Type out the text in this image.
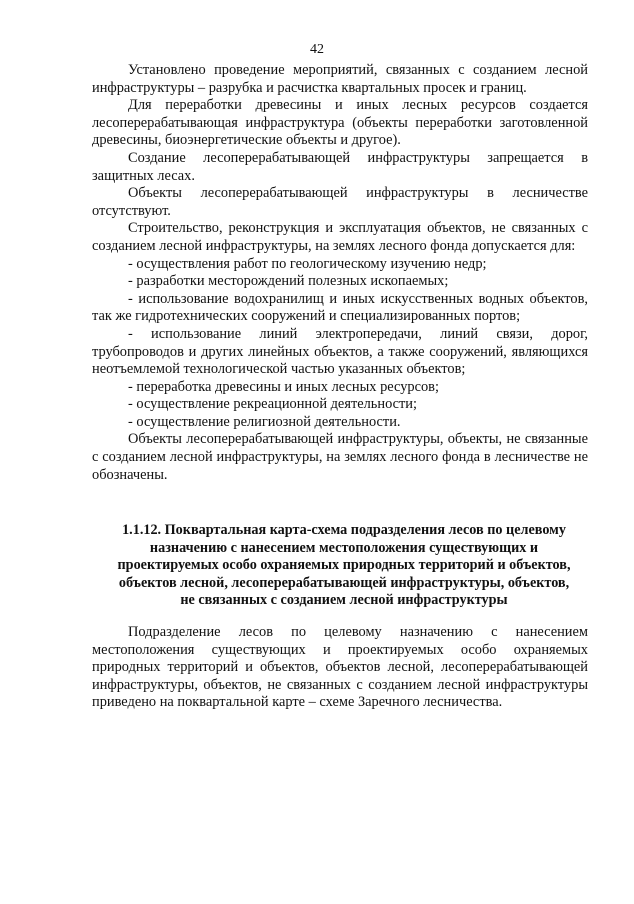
42

Установлено проведение мероприятий, связанных с созданием лесной инфраструктуры – разрубка и расчистка квартальных просек и границ.

Для переработки древесины и иных лесных ресурсов создается лесоперерабатывающая инфраструктура (объекты переработки заготовленной древесины, биоэнергетические объекты и другое).

Создание лесоперерабатывающей инфраструктуры запрещается в защитных лесах.

Объекты лесоперерабатывающей инфраструктуры в лесничестве отсутствуют.

Строительство, реконструкция и эксплуатация объектов, не связанных с созданием лесной инфраструктуры, на землях лесного фонда допускается для:

- осуществления работ по геологическому изучению недр;

- разработки месторождений полезных ископаемых;

- использование водохранилищ и иных искусственных водных объектов, так же гидротехнических сооружений и специализированных портов;

- использование линий электропередачи, линий связи, дорог, трубопроводов и других линейных объектов, а также сооружений, являющихся неотъемлемой технологической частью указанных объектов;

- переработка древесины и иных лесных ресурсов;

- осуществление рекреационной деятельности;

- осуществление религиозной деятельности.

Объекты лесоперерабатывающей инфраструктуры, объекты, не связанные с созданием лесной инфраструктуры, на землях лесного фонда в лесничестве не обозначены.

1.1.12. Поквартальная карта-схема подразделения лесов по целевому

назначению с нанесением местоположения существующих и

проектируемых особо охраняемых природных территорий и объектов,

объектов лесной, лесоперерабатывающей инфраструктуры, объектов,

не связанных с созданием лесной инфраструктуры

Подразделение лесов по целевому назначению с нанесением местоположения существующих и проектируемых особо охраняемых природных территорий и объектов, объектов лесной, лесоперерабатывающей инфраструктуры, объектов, не связанных с созданием лесной инфраструктуры приведено на поквартальной карте – схеме Заречного лесничества.
